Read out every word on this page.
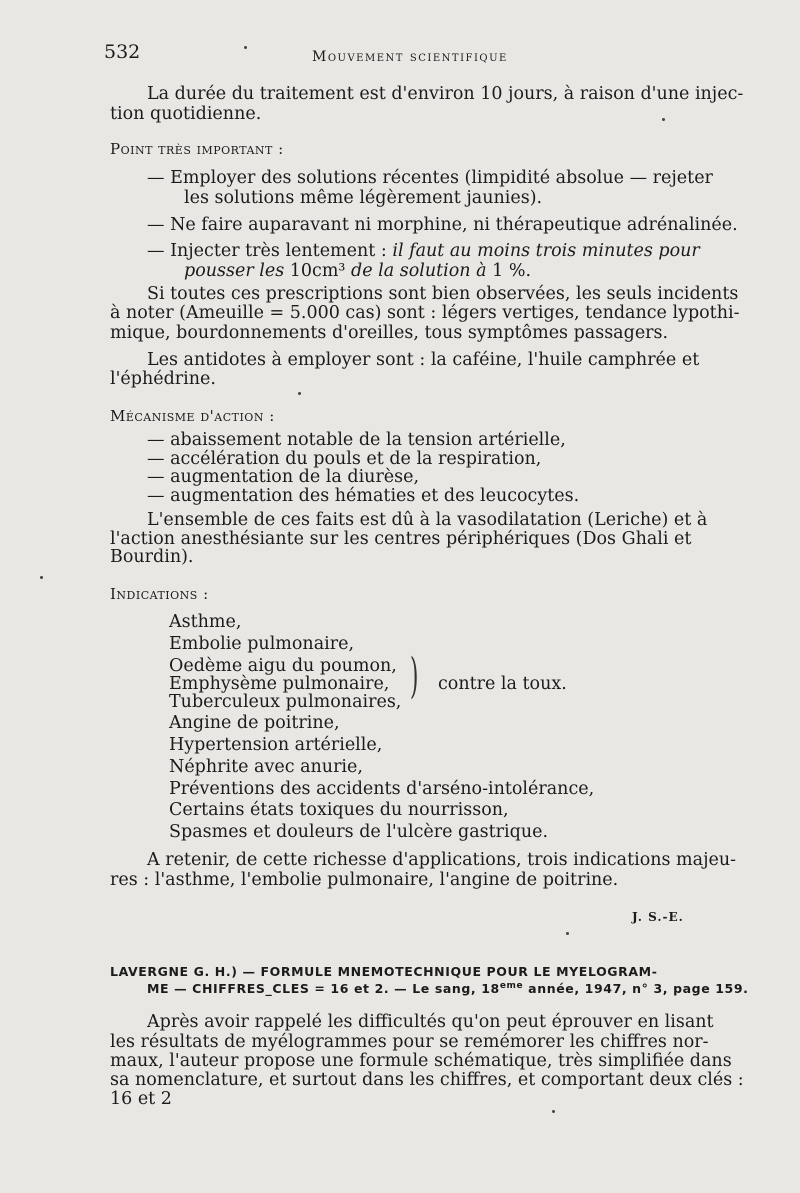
532	Mouvement scientifique

La durée du traitement est d'environ 10 jours, à raison d'une injec-

tion quotidienne.

Point très important :

— Employer des solutions récentes (limpidité absolue — rejeter

les solutions même légèrement jaunies).

— Ne faire auparavant ni morphine, ni thérapeutique adrénalinée.

— Injecter très lentement : il faut au moins trois minutes pour

pousser les 10cm³ de la solution à 1 %.

Si toutes ces prescriptions sont bien observées, les seuls incidents

à noter (Ameuille = 5.000 cas) sont : légers vertiges, tendance lypothi-

mique, bourdonnements d'oreilles, tous symptômes passagers.

Les antidotes à employer sont : la caféine, l'huile camphrée et

l'éphédrine.

Mécanisme d'action :

— abaissement notable de la tension artérielle,

— accélération du pouls et de la respiration,

— augmentation de la diurèse,

— augmentation des hématies et des leucocytes.

L'ensemble de ces faits est dû à la vasodilatation (Leriche) et à

l'action anesthésiante sur les centres périphériques (Dos Ghali et

Bourdin).

Indications :

Asthme,

Embolie pulmonaire,

Oedème aigu du poumon,

Emphysème pulmonaire,

Tuberculeux pulmonaires, ) contre la toux.

Angine de poitrine,

Hypertension artérielle,

Néphrite avec anurie,

Préventions des accidents d'arséno-intolérance,

Certains états toxiques du nourrisson,

Spasmes et douleurs de l'ulcère gastrique.

A retenir, de cette richesse d'applications, trois indications majeu-

res : l'asthme, l'embolie pulmonaire, l'angine de poitrine.

J. S.-E.

LAVERGNE G. H.) — FORMULE MNEMOTECHNIQUE POUR LE MYELOGRAM-

ME — CHIFFRES_CLES = 16 et 2. — Le sang, 18eme année, 1947, n° 3, page 159.

Après avoir rappelé les difficultés qu'on peut éprouver en lisant

les résultats de myélogrammes pour se remémorer les chiffres nor-

maux, l'auteur propose une formule schématique, très simplifiée dans

sa nomenclature, et surtout dans les chiffres, et comportant deux clés :

16 et 2
